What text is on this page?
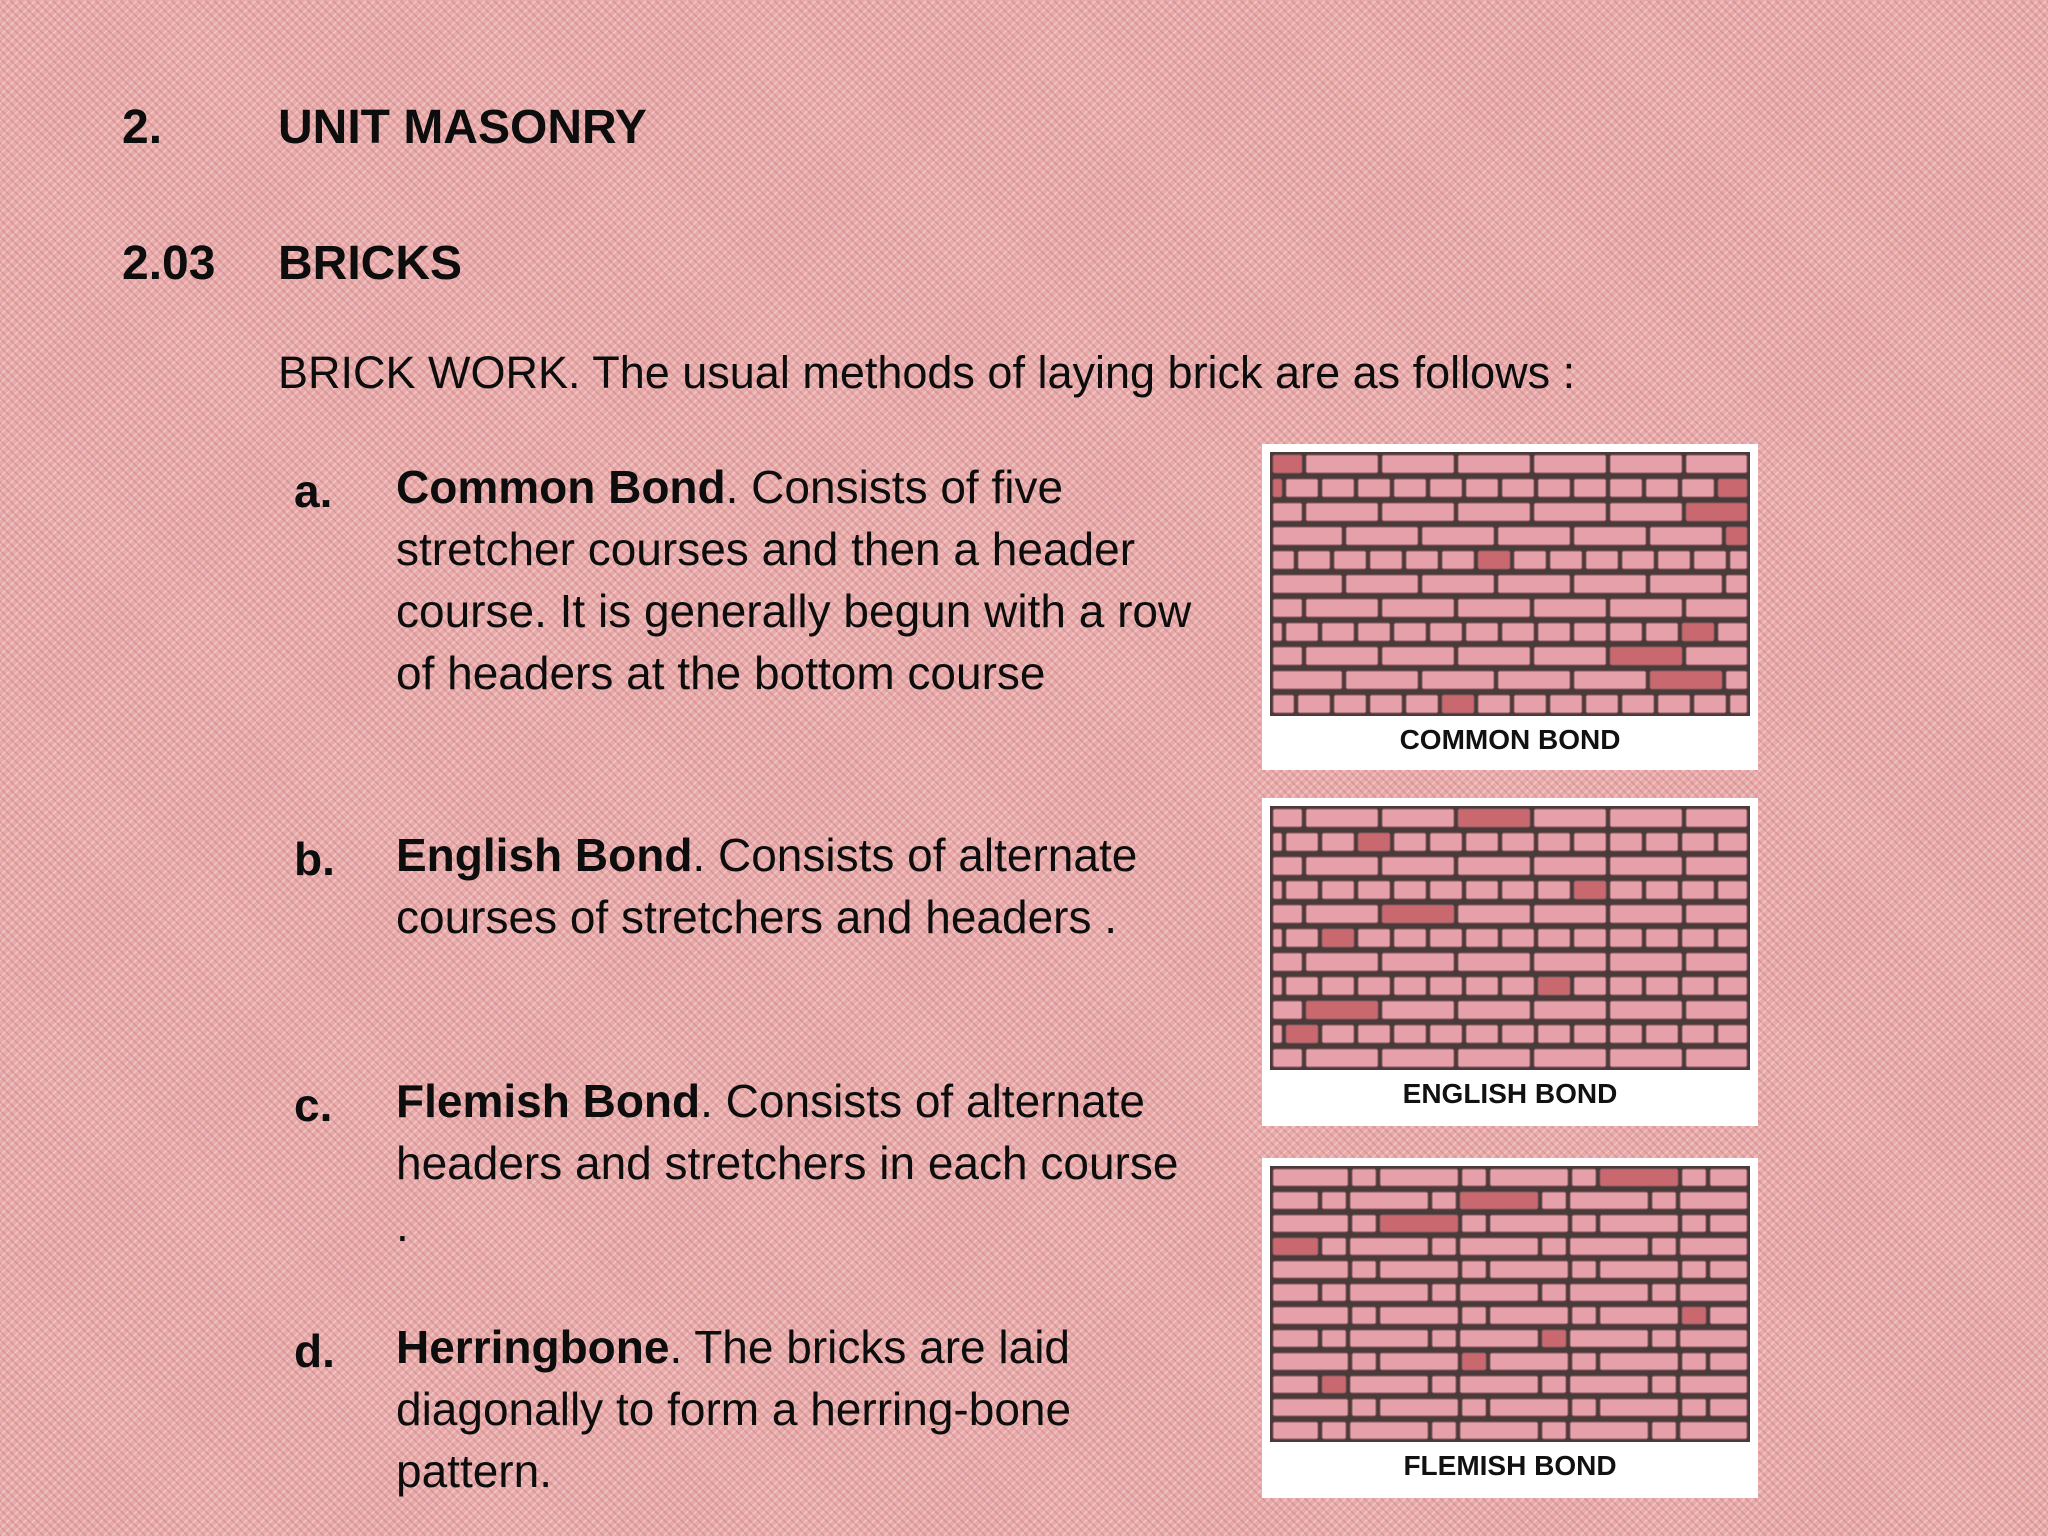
2. UNIT MASONRY
2.03 BRICKS
BRICK WORK. The usual methods of laying brick are as follows :
a. Common Bond. Consists of five stretcher courses and then a header course. It is generally begun with a row of headers at the bottom course
b. English Bond. Consists of alternate courses of stretchers and headers .
c. Flemish Bond. Consists of alternate headers and stretchers in each course .
d. Herringbone. The bricks are laid diagonally to form a herring-bone pattern.
COMMON BOND
ENGLISH BOND
FLEMISH BOND
